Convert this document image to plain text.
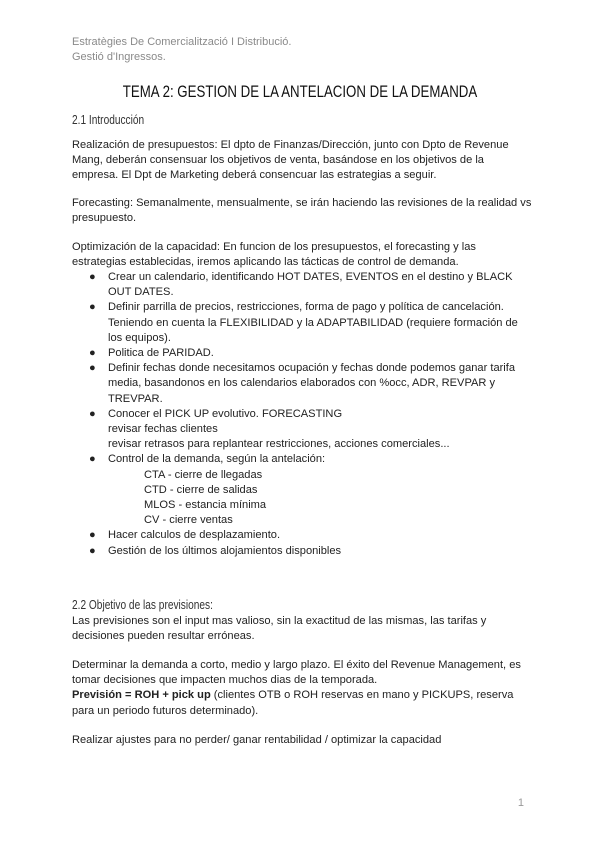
Estratègies De Comercialització I Distribució.
Gestió d'Ingressos.
TEMA 2: GESTION DE LA ANTELACION DE LA DEMANDA
2.1 Introducción

Realización de presupuestos: El dpto de Finanzas/Dirección, junto con Dpto de Revenue Mang, deberán consensuar los objetivos de venta, basándose en los objetivos de la empresa. El Dpt de Marketing deberá consencuar las estrategias a seguir.

Forecasting: Semanalmente, mensualmente, se irán haciendo las revisiones de la realidad vs presupuesto.

Optimización de la capacidad: En funcion de los presupuestos, el forecasting y las estrategias establecidas, iremos aplicando las tácticas de control de demanda.

● Crear un calendario, identificando HOT DATES, EVENTOS en el destino y BLACK OUT DATES.
● Definir parrilla de precios, restricciones, forma de pago y política de cancelación. Teniendo en cuenta la FLEXIBILIDAD y la ADAPTABILIDAD (requiere formación de los equipos).
● Politica de PARIDAD.
● Definir fechas donde necesitamos ocupación y fechas donde podemos ganar tarifa media, basandonos en los calendarios elaborados con %occ, ADR, REVPAR y TREVPAR.
● Conocer el PICK UP evolutivo. FORECASTING
revisar fechas clientes
revisar retrasos para replantear restricciones, acciones comerciales...
● Control de la demanda, según la antelación:
CTA - cierre de llegadas
CTD - cierre de salidas
MLOS - estancia mínima
CV - cierre ventas
● Hacer calculos de desplazamiento.
● Gestión de los últimos alojamientos disponibles
2.2 Objetivo de las previsiones:

Las previsiones son el input mas valioso, sin la exactitud de las mismas, las tarifas y decisiones pueden resultar erróneas.

Determinar la demanda a corto, medio y largo plazo. El éxito del Revenue Management, es tomar decisiones que impacten muchos dias de la temporada.

Previsión = ROH + pick up (clientes OTB o ROH reservas en mano y PICKUPS, reserva para un periodo futuros determinado).

Realizar ajustes para no perder/ ganar rentabilidad / optimizar la capacidad

1
